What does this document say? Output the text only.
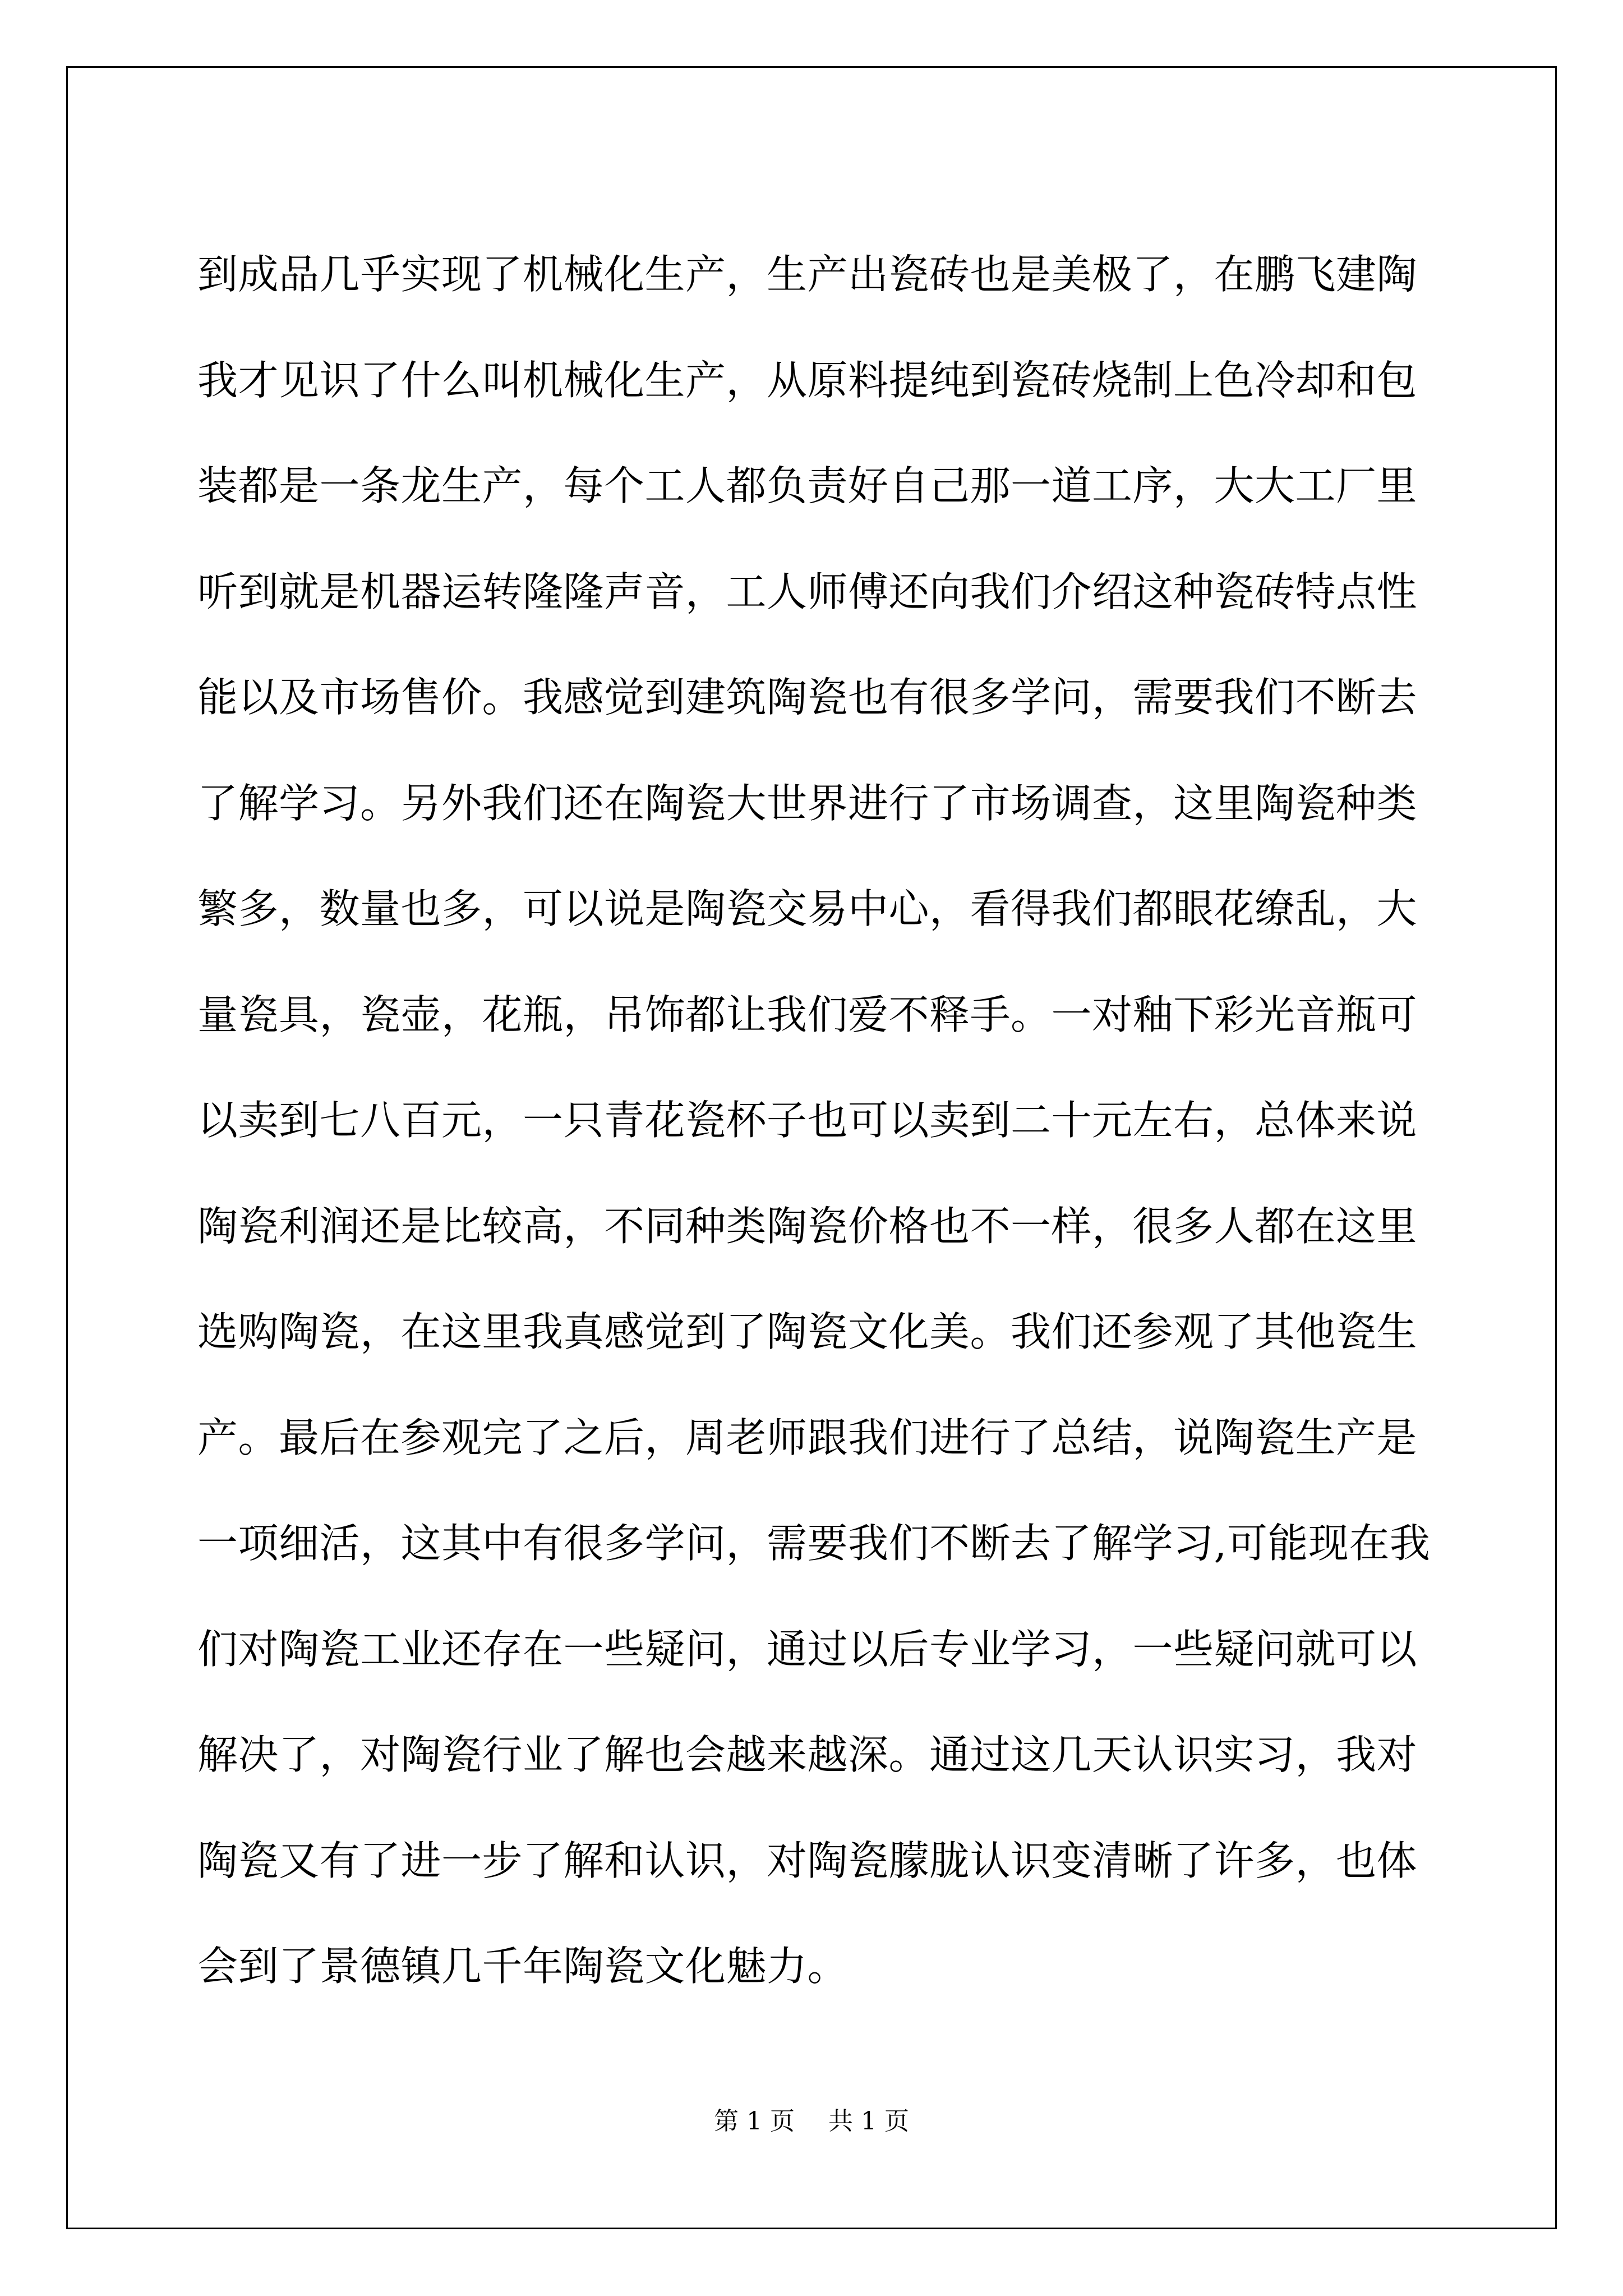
到成品几乎实现了机械化生产，生产出瓷砖也是美极了，在鹏飞建陶
我才见识了什么叫机械化生产，从原料提纯到瓷砖烧制上色冷却和包
装都是一条龙生产，每个工人都负责好自己那一道工序，大大工厂里
听到就是机器运转隆隆声音，工人师傅还向我们介绍这种瓷砖特点性
能以及市场售价。我感觉到建筑陶瓷也有很多学问，需要我们不断去
了解学习。另外我们还在陶瓷大世界进行了市场调查，这里陶瓷种类
繁多，数量也多，可以说是陶瓷交易中心，看得我们都眼花缭乱，大
量瓷具，瓷壶，花瓶，吊饰都让我们爱不释手。一对釉下彩光音瓶可
以卖到七八百元，一只青花瓷杯子也可以卖到二十元左右，总体来说
陶瓷利润还是比较高，不同种类陶瓷价格也不一样，很多人都在这里
选购陶瓷，在这里我真感觉到了陶瓷文化美。我们还参观了其他瓷生
产。最后在参观完了之后，周老师跟我们进行了总结，说陶瓷生产是
一项细活，这其中有很多学问，需要我们不断去了解学习,可能现在我
们对陶瓷工业还存在一些疑问，通过以后专业学习，一些疑问就可以
解决了，对陶瓷行业了解也会越来越深。通过这几天认识实习，我对
陶瓷又有了进一步了解和认识，对陶瓷朦胧认识变清晰了许多，也体
会到了景德镇几千年陶瓷文化魅力。
第 1 页 共 1 页
